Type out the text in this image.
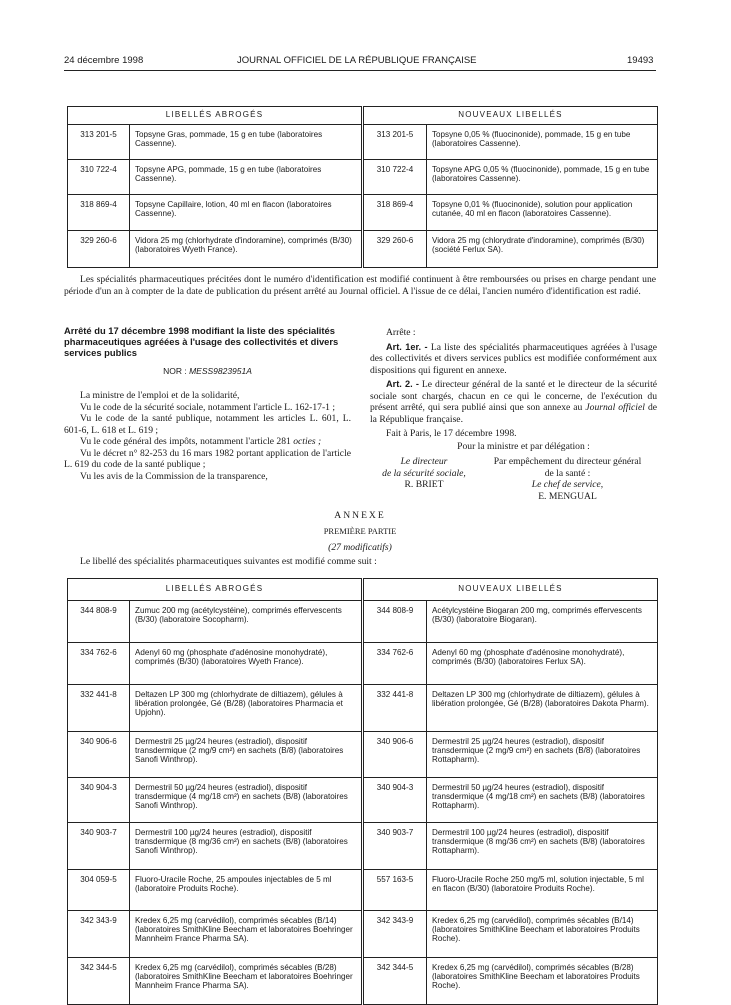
24 décembre 1998	JOURNAL OFFICIEL DE LA RÉPUBLIQUE FRANÇAISE	19493
LIBELLÉS ABROGÉS		NOUVEAUX LIBELLÉS	
313 201-5	Topsyne Gras, pommade, 15 g en tube (laboratoires Cassenne).	313 201-5	Topsyne 0,05 % (fluocinonide), pommade, 15 g en tube (laboratoires Cassenne).
310 722-4	Topsyne APG, pommade, 15 g en tube (laboratoires Cassenne).	310 722-4	Topsyne APG 0,05 % (fluocinonide), pommade, 15 g en tube (laboratoires Cassenne).
318 869-4	Topsyne Capillaire, lotion, 40 ml en flacon (laboratoires Cassenne).	318 869-4	Topsyne 0,01 % (fluocinonide), solution pour application cutanée, 40 ml en flacon (laboratoires Cassenne).
329 260-6	Vidora 25 mg (chlorhydrate d'indoramine), comprimés (B/30) (laboratoires Wyeth France).	329 260-6	Vidora 25 mg (chlorydrate d'indoramine), comprimés (B/30) (société Ferlux SA).
Les spécialités pharmaceutiques précitées dont le numéro d'identification est modifié continuent à être remboursées ou prises en charge pendant une période d'un an à compter de la date de publication du présent arrêté au Journal officiel. A l'issue de ce délai, l'ancien numéro d'identification est radié.
Arrêté du 17 décembre 1998 modifiant la liste des spécialités pharmaceutiques agréées à l'usage des collectivités et divers services publics
NOR : MESS9823951A
La ministre de l'emploi et de la solidarité,
Vu le code de la sécurité sociale, notamment l'article L. 162-17-1 ;
Vu le code de la santé publique, notamment les articles L. 601, L. 601-6, L. 618 et L. 619 ;
Vu le code général des impôts, notamment l'article 281 octies ;
Vu le décret n° 82-253 du 16 mars 1982 portant application de l'article L. 619 du code de la santé publique ;
Vu les avis de la Commission de la transparence,
Arrête :
Art. 1er. - La liste des spécialités pharmaceutiques agréées à l'usage des collectivités et divers services publics est modifiée conformément aux dispositions qui figurent en annexe.
Art. 2. - Le directeur général de la santé et le directeur de la sécurité sociale sont chargés, chacun en ce qui le concerne, de l'exécution du présent arrêté, qui sera publié ainsi que son annexe au Journal officiel de la République française.
Fait à Paris, le 17 décembre 1998.
Pour la ministre et par délégation :
Le directeur
de la sécurité sociale,
R. BRIET
Par empêchement du directeur général
de la santé :
Le chef de service,
E. MENGUAL
ANNEXE
PREMIÈRE PARTIE
(27 modificatifs)
Le libellé des spécialités pharmaceutiques suivantes est modifié comme suit :
LIBELLÉS ABROGÉS		NOUVEAUX LIBELLÉS	
344 808-9	Zumuc 200 mg (acétylcystéine), comprimés effervescents (B/30) (laboratoire Socopharm).	344 808-9	Acétylcystéine Biogaran 200 mg, comprimés effervescents (B/30) (laboratoire Biogaran).
334 762-6	Adenyl 60 mg (phosphate d'adénosine monohydraté), comprimés (B/30) (laboratoires Wyeth France).	334 762-6	Adenyl 60 mg (phosphate d'adénosine monohydraté), comprimés (B/30) (laboratoires Ferlux SA).
332 441-8	Deltazen LP 300 mg (chlorhydrate de diltiazem), gélules à libération prolongée, Gé (B/28) (laboratoires Pharmacia et Upjohn).	332 441-8	Deltazen LP 300 mg (chlorhydrate de diltiazem), gélules à libération prolongée, Gé (B/28) (laboratoires Dakota Pharm).
340 906-6	Dermestril 25 µg/24 heures (estradiol), dispositif transdermique (2 mg/9 cm²) en sachets (B/8) (laboratoires Sanofi Winthrop).	340 906-6	Dermestril 25 µg/24 heures (estradiol), dispositif transdermique (2 mg/9 cm²) en sachets (B/8) (laboratoires Rottapharm).
340 904-3	Dermestril 50 µg/24 heures (estradiol), dispositif transdermique (4 mg/18 cm²) en sachets (B/8) (laboratoires Sanofi Winthrop).	340 904-3	Dermestril 50 µg/24 heures (estradiol), dispositif transdermique (4 mg/18 cm²) en sachets (B/8) (laboratoires Rottapharm).
340 903-7	Dermestril 100 µg/24 heures (estradiol), dispositif transdermique (8 mg/36 cm²) en sachets (B/8) (laboratoires Sanofi Winthrop).	340 903-7	Dermestril 100 µg/24 heures (estradiol), dispositif transdermique (8 mg/36 cm²) en sachets (B/8) (laboratoires Rottapharm).
304 059-5	Fluoro-Uracile Roche, 25 ampoules injectables de 5 ml (laboratoire Produits Roche).	557 163-5	Fluoro-Uracile Roche 250 mg/5 ml, solution injectable, 5 ml en flacon (B/30) (laboratoire Produits Roche).
342 343-9	Kredex 6,25 mg (carvédilol), comprimés sécables (B/14) (laboratoires SmithKline Beecham et laboratoires Boehringer Mannheim France Pharma SA).	342 343-9	Kredex 6,25 mg (carvédilol), comprimés sécables (B/14) (laboratoires SmithKline Beecham et laboratoires Produits Roche).
342 344-5	Kredex 6,25 mg (carvédilol), comprimés sécables (B/28) (laboratoires SmithKline Beecham et laboratoires Boehringer Mannheim France Pharma SA).	342 344-5	Kredex 6,25 mg (carvédilol), comprimés sécables (B/28) (laboratoires SmithKline Beecham et laboratoires Produits Roche).
